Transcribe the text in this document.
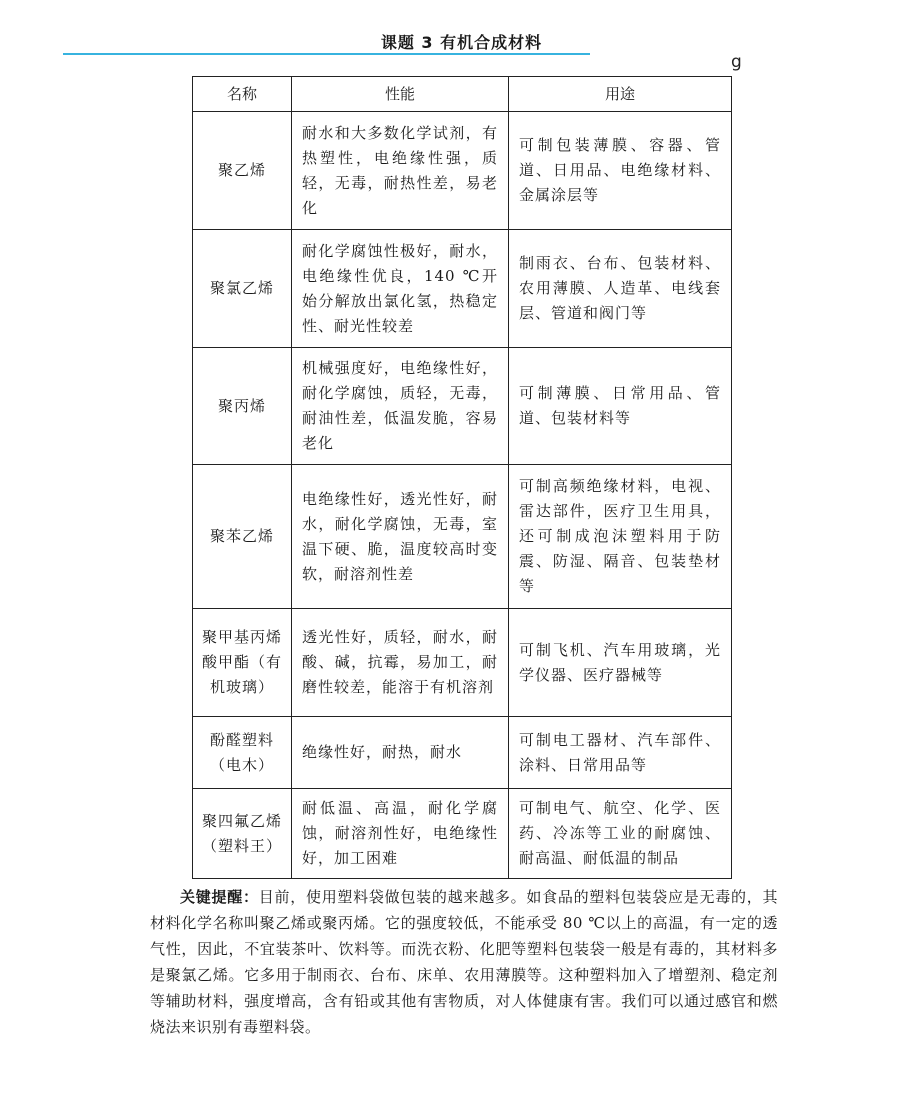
课题 3 有机合成材料
g
名称	性能	用途
聚乙烯	耐水和大多数化学试剂，有热塑性，电绝缘性强，质轻，无毒，耐热性差，易老化	可制包装薄膜、容器、管道、日用品、电绝缘材料、金属涂层等
聚氯乙烯	耐化学腐蚀性极好，耐水，电绝缘性优良，140 ℃开始分解放出氯化氢，热稳定性、耐光性较差	制雨衣、台布、包装材料、农用薄膜、人造革、电线套层、管道和阀门等
聚丙烯	机械强度好，电绝缘性好，耐化学腐蚀，质轻，无毒，耐油性差，低温发脆，容易老化	可制薄膜、日常用品、管道、包装材料等
聚苯乙烯	电绝缘性好，透光性好，耐水，耐化学腐蚀，无毒，室温下硬、脆，温度较高时变软，耐溶剂性差	可制高频绝缘材料，电视、雷达部件，医疗卫生用具，还可制成泡沫塑料用于防震、防湿、隔音、包装垫材等
聚甲基丙烯酸甲酯（有机玻璃）	透光性好，质轻，耐水，耐酸、碱，抗霉，易加工，耐磨性较差，能溶于有机溶剂	可制飞机、汽车用玻璃，光学仪器、医疗器械等
酚醛塑料（电木）	绝缘性好，耐热，耐水	可制电工器材、汽车部件、涂料、日常用品等
聚四氟乙烯（塑料王）	耐低温、高温，耐化学腐蚀，耐溶剂性好，电绝缘性好，加工困难	可制电气、航空、化学、医药、冷冻等工业的耐腐蚀、耐高温、耐低温的制品
关键提醒：目前，使用塑料袋做包装的越来越多。如食品的塑料包装袋应是无毒的，其材料化学名称叫聚乙烯或聚丙烯。它的强度较低，不能承受 80 ℃以上的高温，有一定的透气性，因此，不宜装茶叶、饮料等。而洗衣粉、化肥等塑料包装袋一般是有毒的，其材料多是聚氯乙烯。它多用于制雨衣、台布、床单、农用薄膜等。这种塑料加入了增塑剂、稳定剂等辅助材料，强度增高，含有铅或其他有害物质，对人体健康有害。我们可以通过感官和燃烧法来识别有毒塑料袋。
